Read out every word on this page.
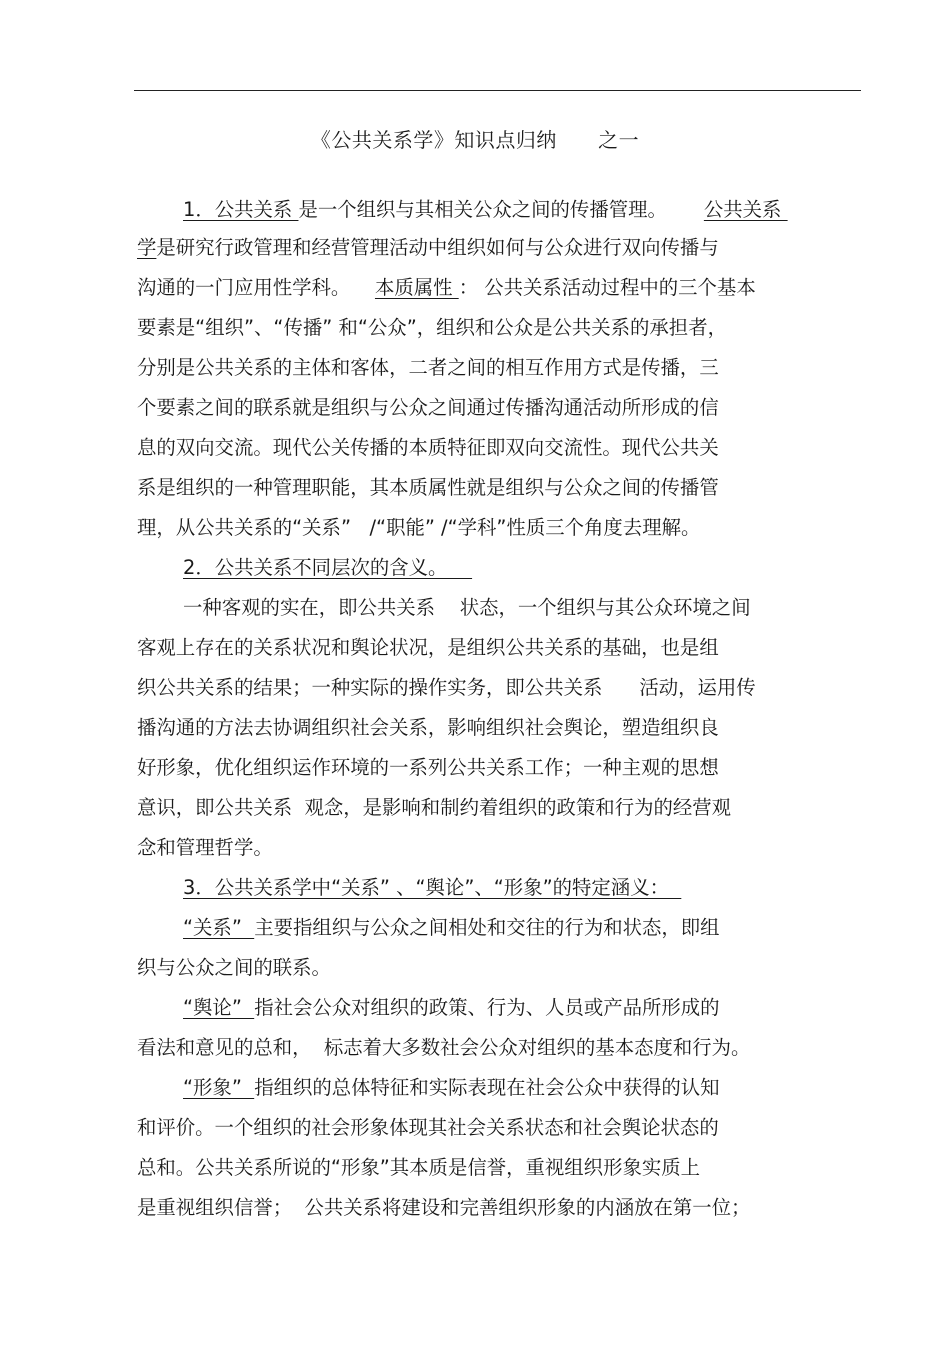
《公共关系学》知识点归纳      之一
1．公共关系 是一个组织与其相关公众之间的传播管理。      公共关系
学是研究行政管理和经营管理活动中组织如何与公众进行双向传播与
沟通的一门应用性学科。    本质属性 ： 公共关系活动过程中的三个基本
要素是“组织”、“传播” 和“公众”，组织和公众是公共关系的承担者，
分别是公共关系的主体和客体，二者之间的相互作用方式是传播，三
个要素之间的联系就是组织与公众之间通过传播沟通活动所形成的信
息的双向交流。现代公关传播的本质特征即双向交流性。现代公共关
系是组织的一种管理职能，其本质属性就是组织与公众之间的传播管
理，从公共关系的“关系”   /“职能” /“学科”性质三个角度去理解。
2．公共关系不同层次的含义。
一种客观的实在，即公共关系    状态，一个组织与其公众环境之间
客观上存在的关系状况和舆论状况，是组织公共关系的基础，也是组
织公共关系的结果；一种实际的操作实务，即公共关系      活动，运用传
播沟通的方法去协调组织社会关系，影响组织社会舆论，塑造组织良
好形象，优化组织运作环境的一系列公共关系工作；一种主观的思想
意识，即公共关系  观念，是影响和制约着组织的政策和行为的经营观
念和管理哲学。
3．公共关系学中“关系” 、“舆论”、“形象”的特定涵义：
“关系”  主要指组织与公众之间相处和交往的行为和状态，即组
织与公众之间的联系。
“舆论”  指社会公众对组织的政策、行为、人员或产品所形成的
看法和意见的总和，  标志着大多数社会公众对组织的基本态度和行为。
“形象”  指组织的总体特征和实际表现在社会公众中获得的认知
和评价。一个组织的社会形象体现其社会关系状态和社会舆论状态的
总和。公共关系所说的“形象”其本质是信誉，重视组织形象实质上
是重视组织信誉；  公共关系将建设和完善组织形象的内涵放在第一位；
